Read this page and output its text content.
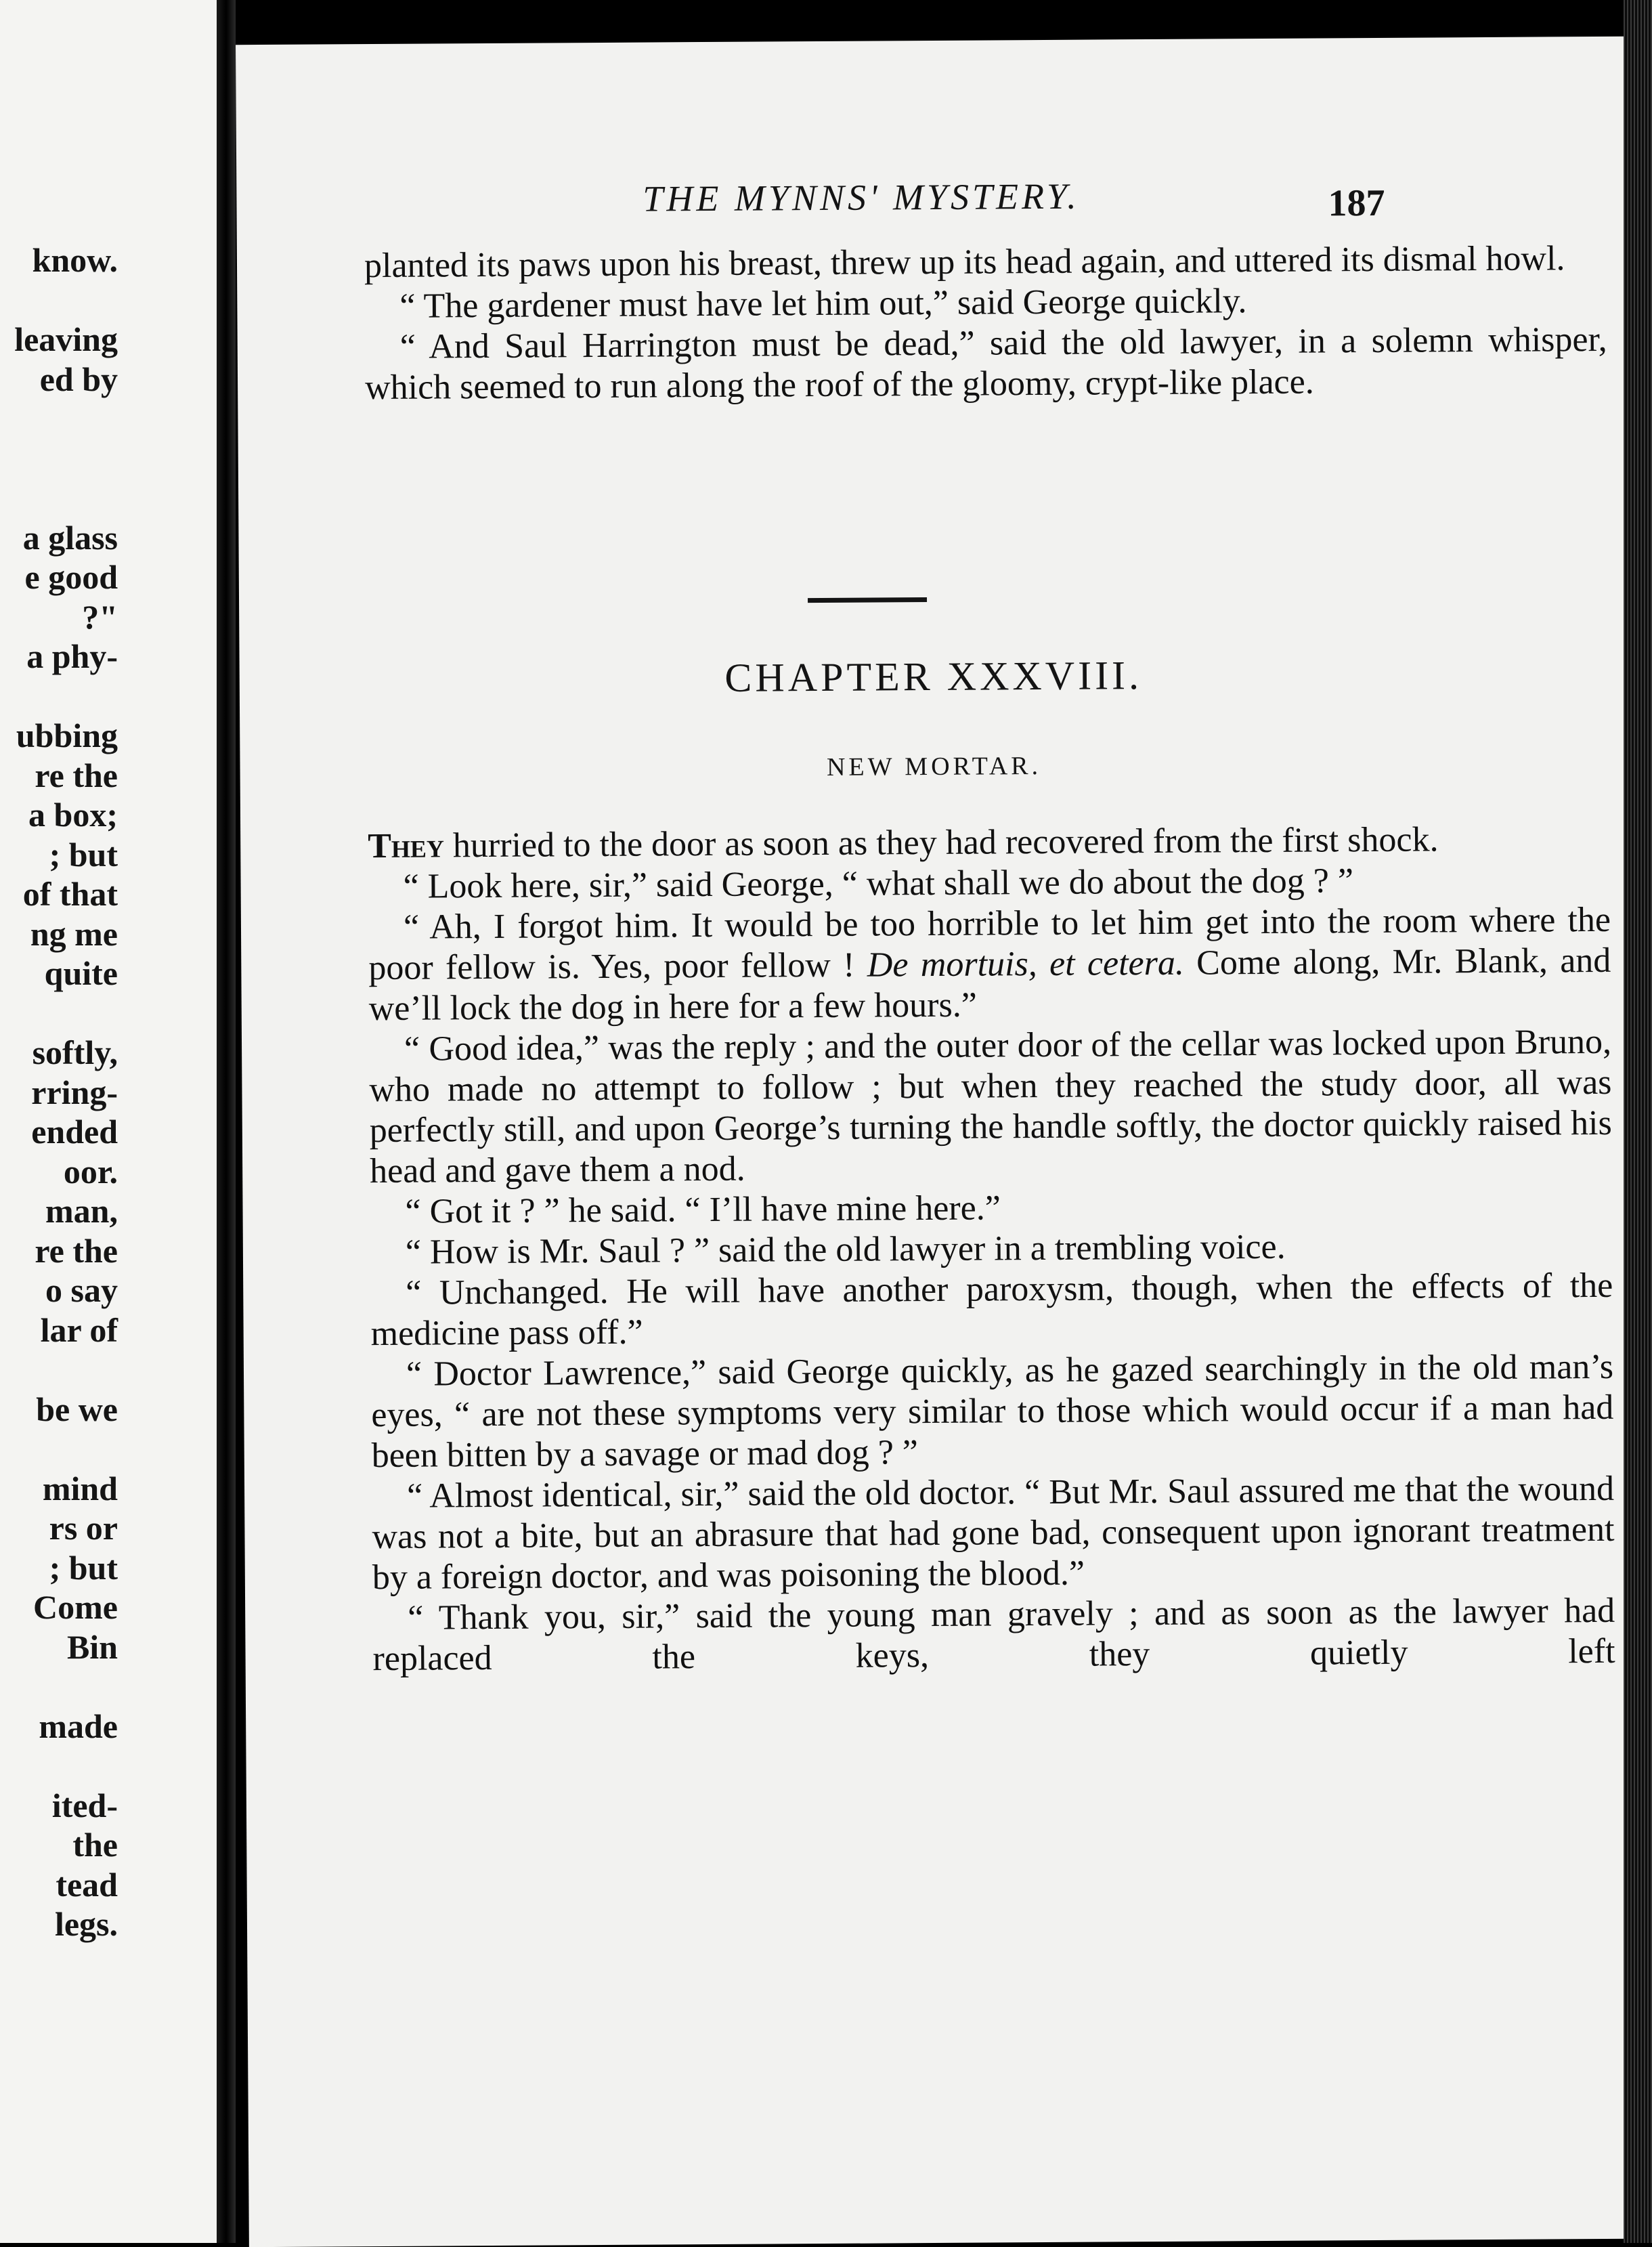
know.
leaving
ed by
a glass
e good
?"
a phy-
ubbing
re the
a box;
; but
of that
ng me
quite
softly,
rring-
ended
oor.
man,
re the
o say
lar of
be we
mind
rs or
; but
Come
Bin
made
ited-
the
tead
legs.
THE MYNNS' MYSTERY.	187

planted its paws upon his breast, threw up its head again, and uttered its dismal howl.

“ The gardener must have let him out,” said George quickly.

“ And Saul Harrington must be dead,” said the old lawyer, in a solemn whisper, which seemed to run along the roof of the gloomy, crypt-like place.

CHAPTER XXXVIII.
NEW MORTAR.

They hurried to the door as soon as they had recovered from the first shock.

“ Look here, sir,” said George, “ what shall we do about the dog ? ”

“ Ah, I forgot him. It would be too horrible to let him get into the room where the poor fellow is. Yes, poor fellow ! De mortuis, et cetera. Come along, Mr. Blank, and we’ll lock the dog in here for a few hours.”

“ Good idea,” was the reply ; and the outer door of the cellar was locked upon Bruno, who made no attempt to follow ; but when they reached the study door, all was perfectly still, and upon George’s turning the handle softly, the doctor quickly raised his head and gave them a nod.

“ Got it ? ” he said. “ I’ll have mine here.”

“ How is Mr. Saul ? ” said the old lawyer in a trembling voice.

“ Unchanged. He will have another paroxysm, though, when the effects of the medicine pass off.”

“ Doctor Lawrence,” said George quickly, as he gazed searchingly in the old man’s eyes, “ are not these symptoms very similar to those which would occur if a man had been bitten by a savage or mad dog ? ”

“ Almost identical, sir,” said the old doctor. “ But Mr. Saul assured me that the wound was not a bite, but an abrasure that had gone bad, consequent upon ignorant treatment by a foreign doctor, and was poisoning the blood.”

“ Thank you, sir,” said the young man gravely ; and as soon as the lawyer had replaced the keys, they quietly left
